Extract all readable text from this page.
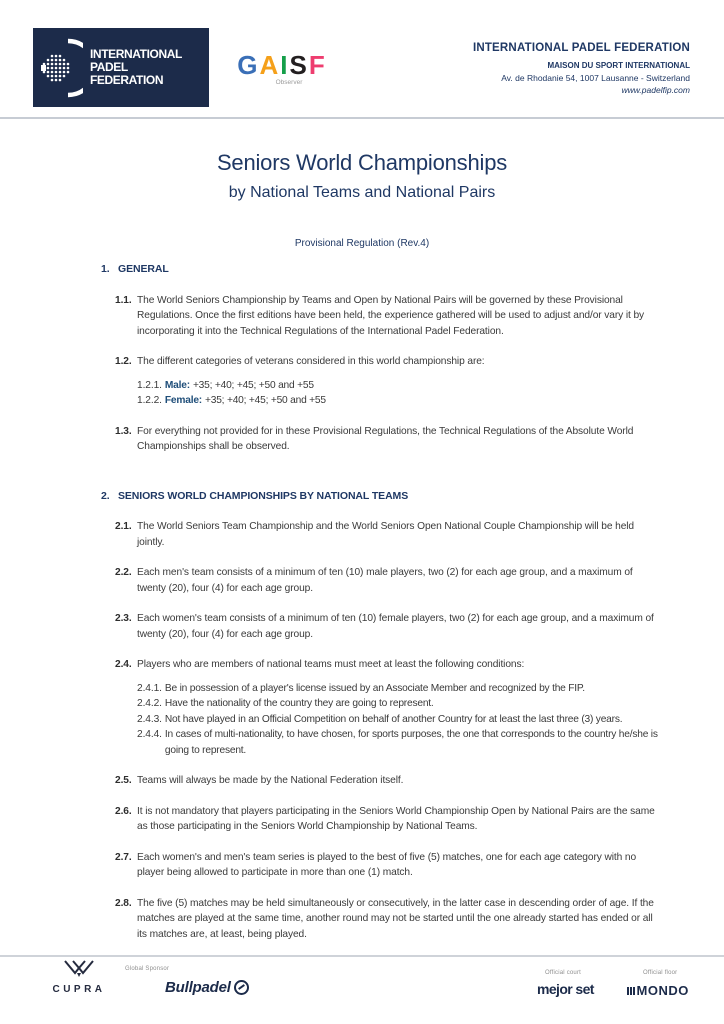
INTERNATIONAL
PADEL
FEDERATION	GAISF
Observer
INTERNATIONAL PADEL FEDERATION
MAISON DU SPORT INTERNATIONAL
Av. de Rhodanie 54, 1007 Lausanne - Switzerland
www.padelfip.com
Seniors World Championships
by National Teams and National Pairs
Provisional Regulation (Rev.4)
1. GENERAL
1.1. The World Seniors Championship by Teams and Open by National Pairs will be governed by these Provisional Regulations. Once the first editions have been held, the experience gathered will be used to adjust and/or vary it by incorporating it into the Technical Regulations of the International Padel Federation.
1.2. The different categories of veterans considered in this world championship are:
1.2.1. Male: +35; +40; +45; +50 and +55
1.2.2. Female: +35; +40; +45; +50 and +55
1.3. For everything not provided for in these Provisional Regulations, the Technical Regulations of the Absolute World Championships shall be observed.
2. SENIORS WORLD CHAMPIONSHIPS BY NATIONAL TEAMS
2.1. The World Seniors Team Championship and the World Seniors Open National Couple Championship will be held jointly.
2.2. Each men's team consists of a minimum of ten (10) male players, two (2) for each age group, and a maximum of twenty (20), four (4) for each age group.
2.3. Each women's team consists of a minimum of ten (10) female players, two (2) for each age group, and a maximum of twenty (20), four (4) for each age group.
2.4. Players who are members of national teams must meet at least the following conditions:
2.4.1. Be in possession of a player's license issued by an Associate Member and recognized by the FIP.
2.4.2. Have the nationality of the country they are going to represent.
2.4.3. Not have played in an Official Competition on behalf of another Country for at least the last three (3) years.
2.4.4. In cases of multi-nationality, to have chosen, for sports purposes, the one that corresponds to the country he/she is going to represent.
2.5. Teams will always be made by the National Federation itself.
2.6. It is not mandatory that players participating in the Seniors World Championship Open by National Pairs are the same as those participating in the Seniors World Championship by National Teams.
2.7. Each women's and men's team series is played to the best of five (5) matches, one for each age category with no player being allowed to participate in more than one (1) match.
2.8. The five (5) matches may be held simultaneously or consecutively, in the latter case in descending order of age. If the matches are played at the same time, another round may not be started until the one already started has ended or all its matches are, at least, being played.
CUPRA
Global Sponsor
Bullpadel
Official court
mejor set
Official floor
MONDO
